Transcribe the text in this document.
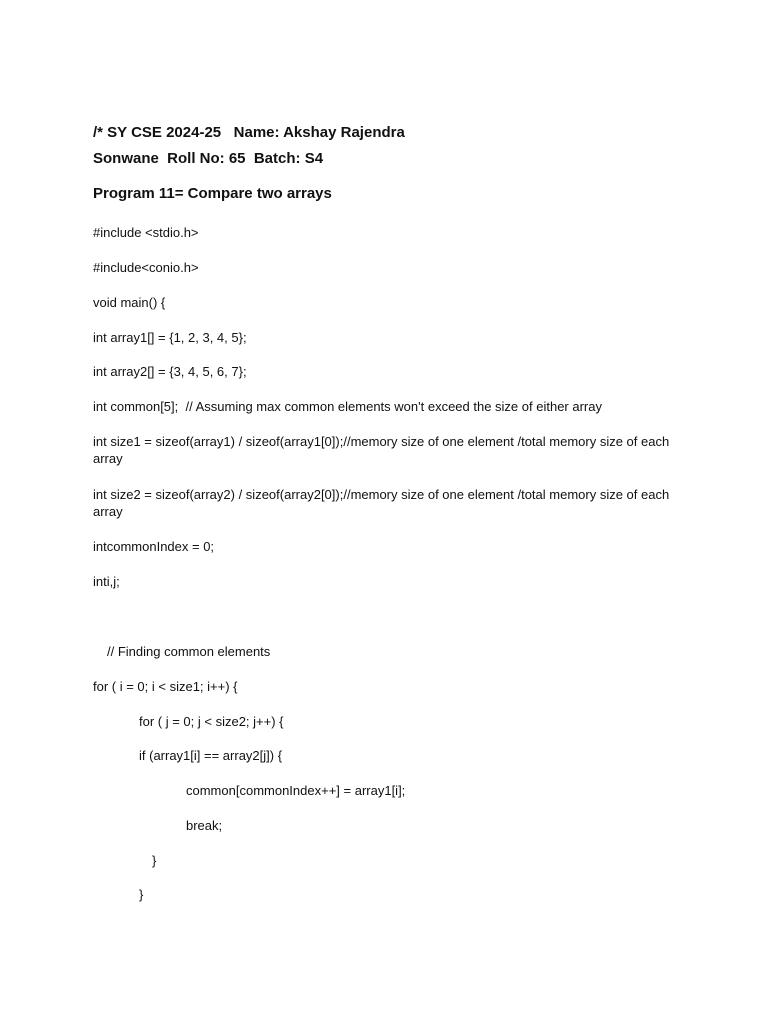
/* SY CSE 2024-25   Name: Akshay Rajendra
Sonwane  Roll No: 65  Batch: S4
Program 11= Compare two arrays
#include <stdio.h>
#include<conio.h>
void main() {
int array1[] = {1, 2, 3, 4, 5};
int array2[] = {3, 4, 5, 6, 7};
int common[5];  // Assuming max common elements won't exceed the size of either array
int size1 = sizeof(array1) / sizeof(array1[0]);//memory size of one element /total memory size of each array
int size2 = sizeof(array2) / sizeof(array2[0]);//memory size of one element /total memory size of each array
intcommonIndex = 0;
inti,j;
// Finding common elements
for ( i = 0; i < size1; i++) {
for ( j = 0; j < size2; j++) {
if (array1[i] == array2[j]) {
common[commonIndex++] = array1[i];
break;
}
}
